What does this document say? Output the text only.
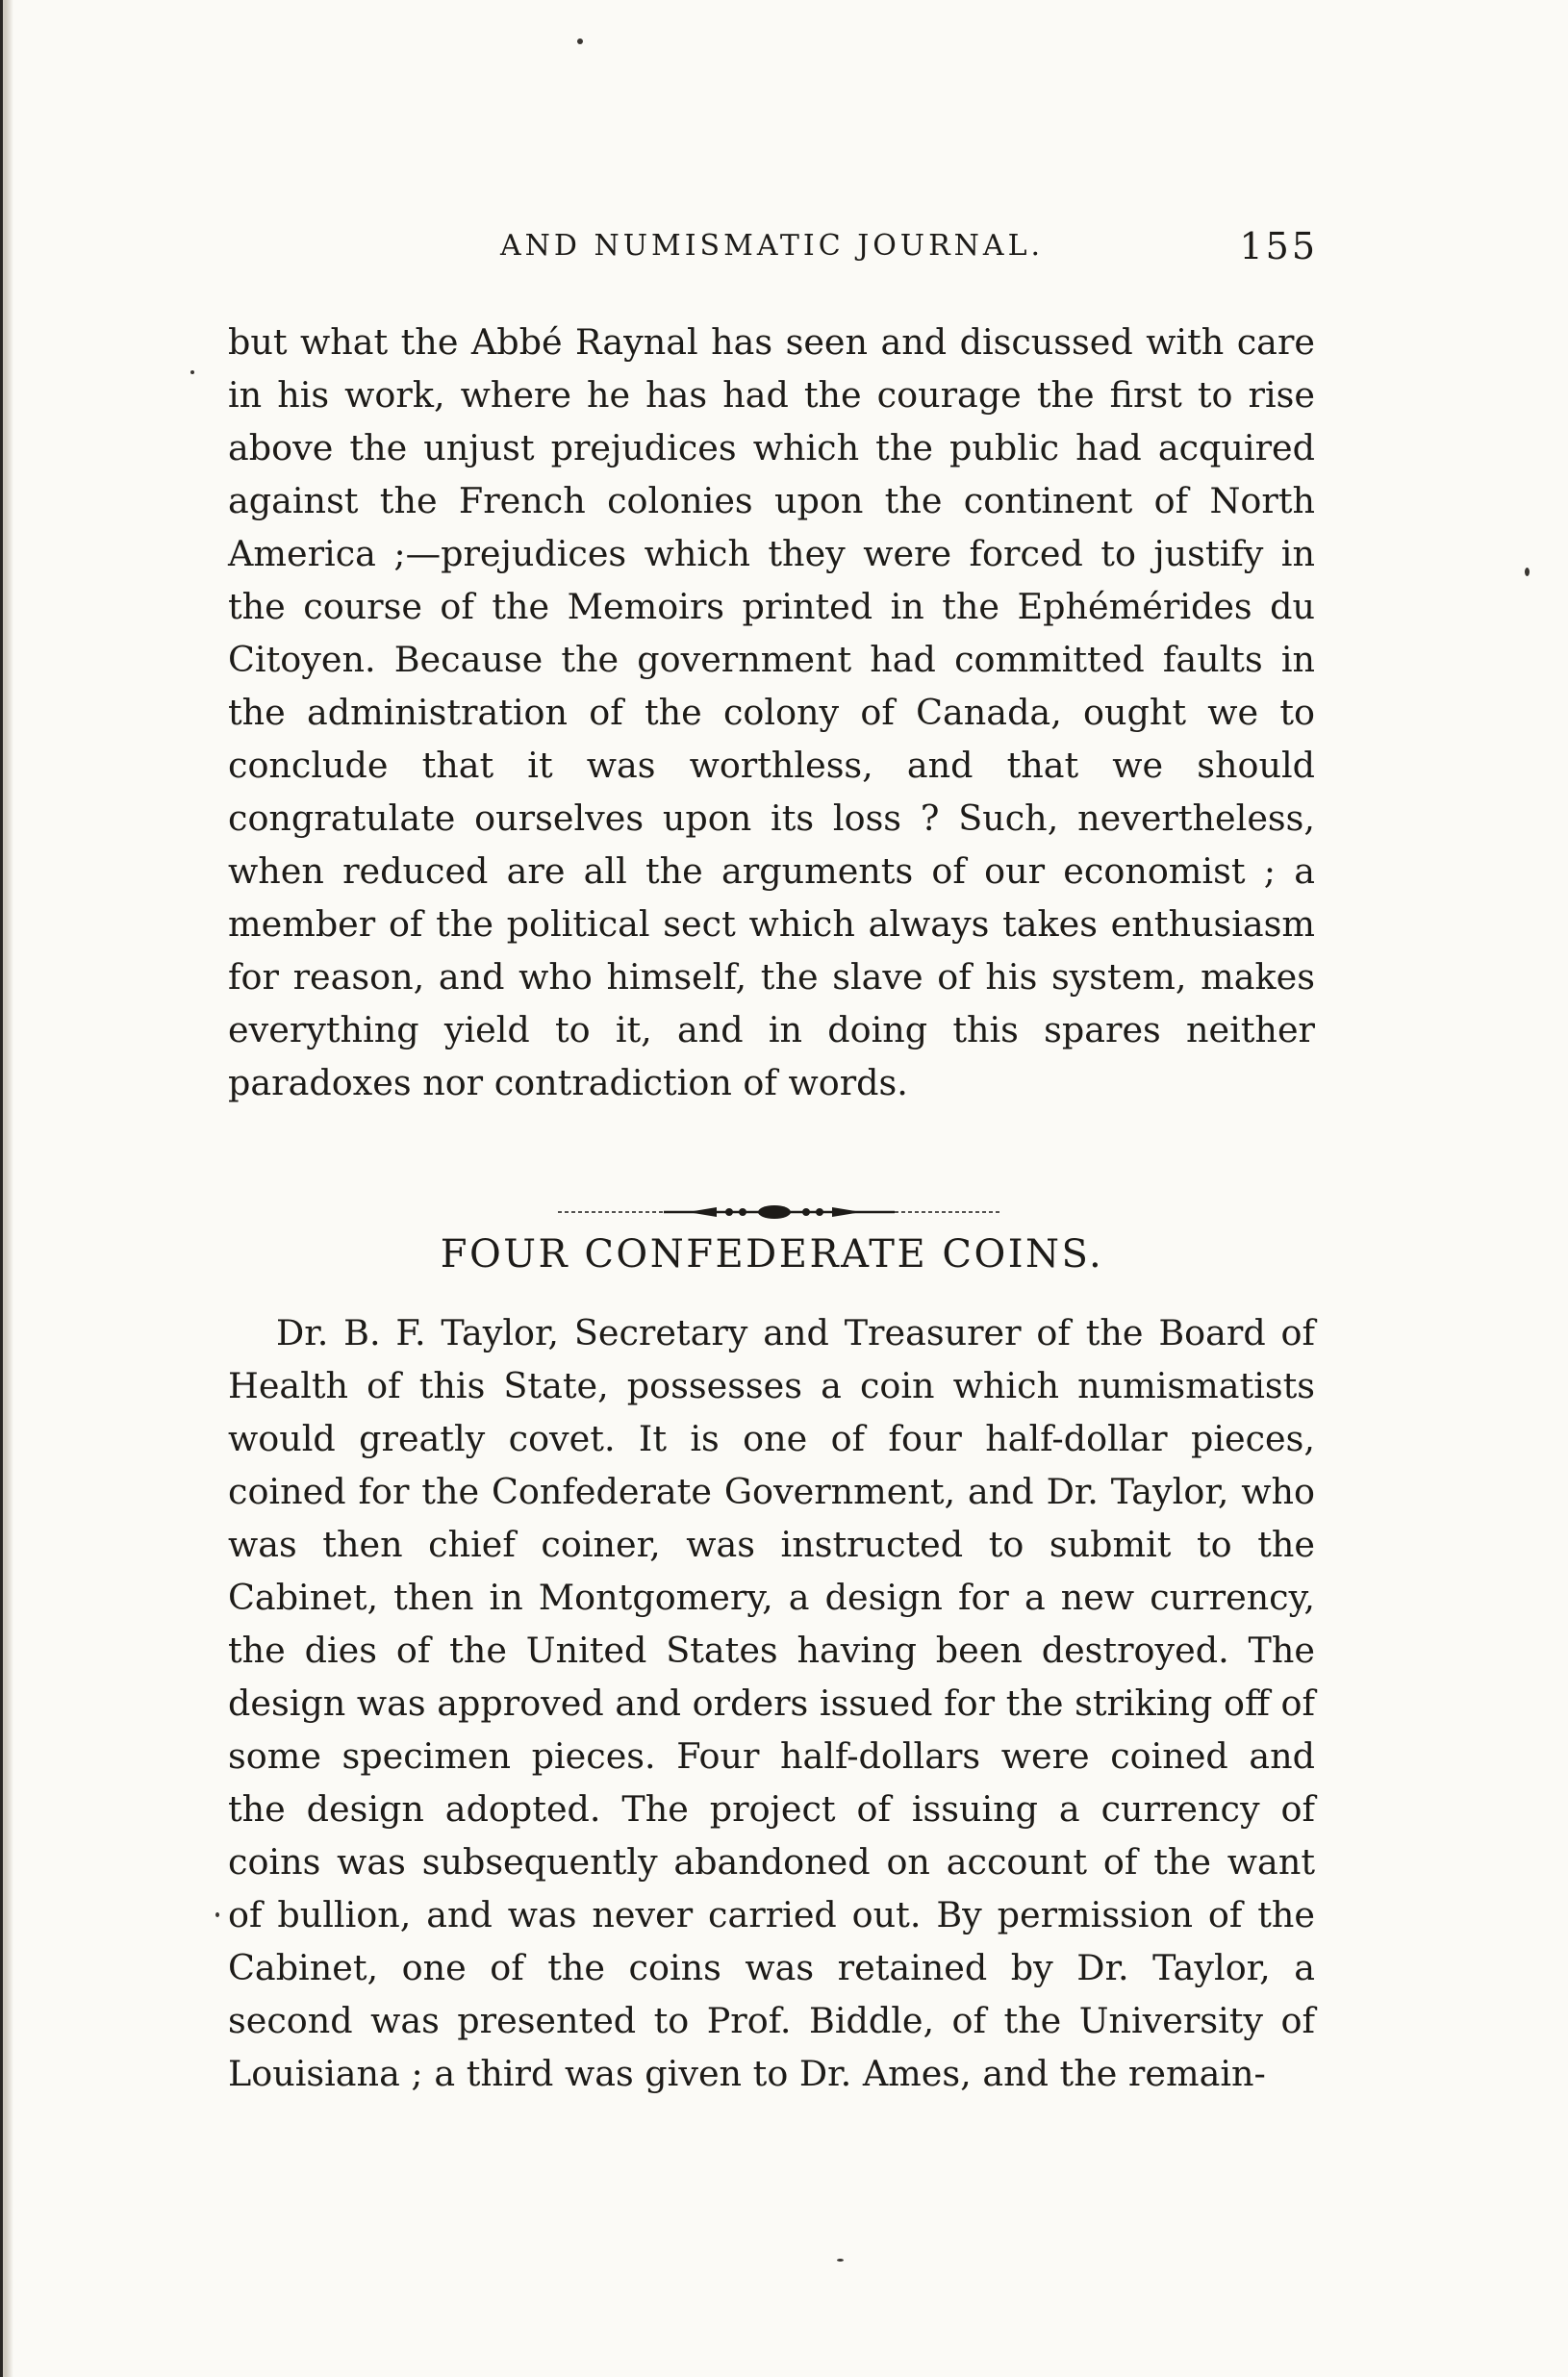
AND NUMISMATIC JOURNAL.	155

but what the Abbé Raynal has seen and discussed with care in his work, where he has had the courage the first to rise above the unjust prejudices which the public had acquired against the French colonies upon the continent of North America ;—prejudices which they were forced to justify in the course of the Memoirs printed in the Ephémérides du Citoyen. Because the government had committed faults in the administration of the colony of Canada, ought we to conclude that it was worthless, and that we should congratulate ourselves upon its loss ? Such, nevertheless, when reduced are all the arguments of our economist ; a member of the political sect which always takes enthusiasm for reason, and who himself, the slave of his system, makes everything yield to it, and in doing this spares neither paradoxes nor contradiction of words.

FOUR CONFEDERATE COINS.

Dr. B. F. Taylor, Secretary and Treasurer of the Board of Health of this State, possesses a coin which numismatists would greatly covet. It is one of four half-dollar pieces, coined for the Confederate Government, and Dr. Taylor, who was then chief coiner, was instructed to submit to the Cabinet, then in Montgomery, a design for a new currency, the dies of the United States having been destroyed. The design was approved and orders issued for the striking off of some specimen pieces. Four half-dollars were coined and the design adopted. The project of issuing a currency of coins was subsequently abandoned on account of the want of bullion, and was never carried out. By permission of the Cabinet, one of the coins was retained by Dr. Taylor, a second was presented to Prof. Biddle, of the University of Louisiana ; a third was given to Dr. Ames, and the remain-
